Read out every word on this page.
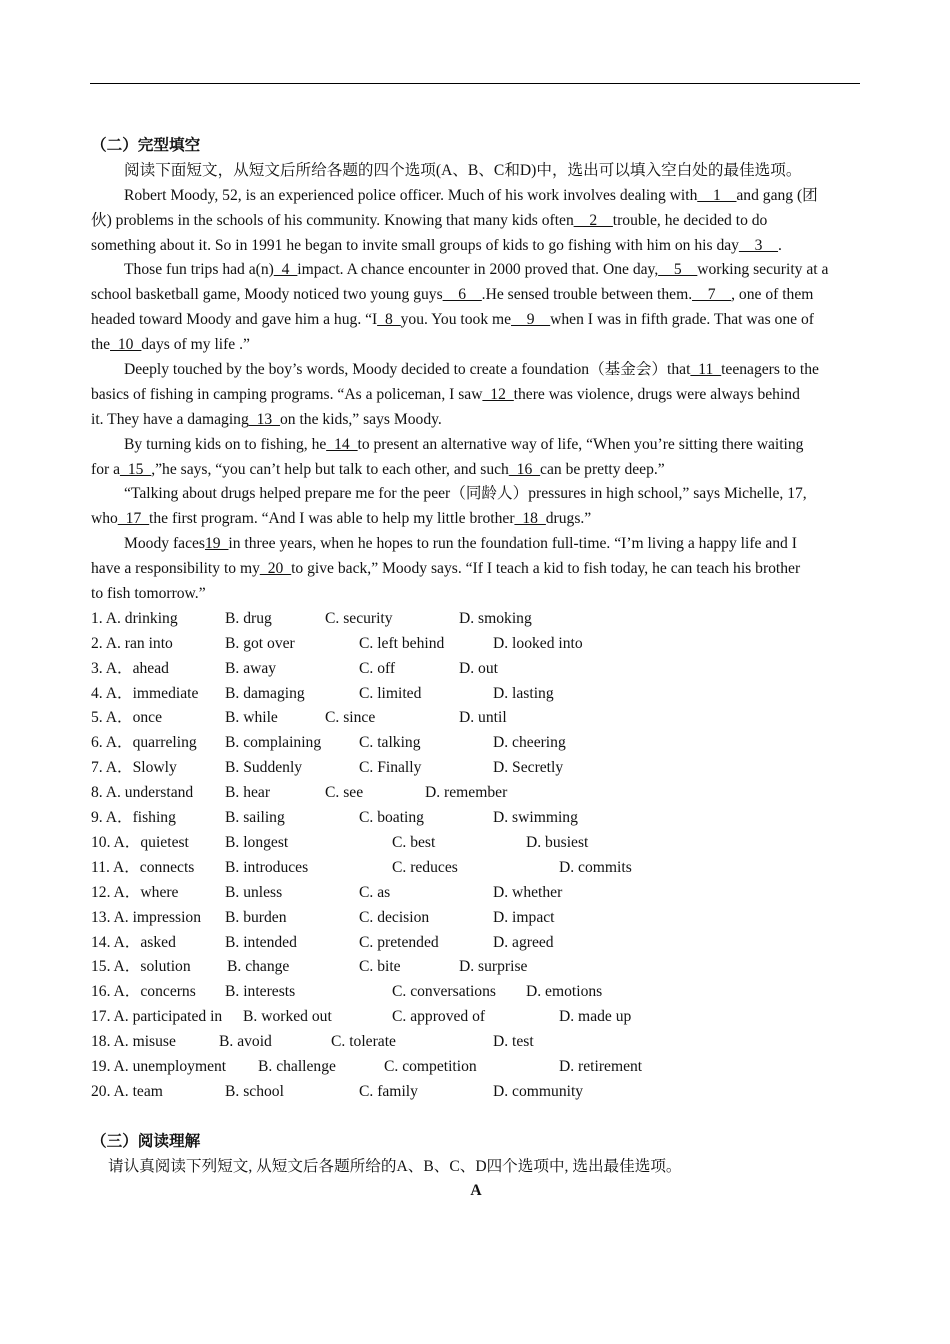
（二）完型填空
阅读下面短文，从短文后所给各题的四个选项(A、B、C和D)中，选出可以填入空白处的最佳选项。
Robert Moody, 52, is an experienced police officer. Much of his work involves dealing with__1__and gang (团
伙) problems in the schools of his community. Knowing that many kids often__2__trouble, he decided to do
something about it. So in 1991 he began to invite small groups of kids to go fishing with him on his day__3__.
Those fun trips had a(n)_4_impact. A chance encounter in 2000 proved that. One day,__5__working security at a
school basketball game, Moody noticed two young guys__6__.He sensed trouble between them.__7__, one of them
headed toward Moody and gave him a hug. “I_8_you. You took me__9__when I was in fifth grade. That was one of
the_10_days of my life .”
Deeply touched by the boy’s words, Moody decided to create a foundation（基金会）that_11_teenagers to the
basics of fishing in camping programs. “As a policeman, I saw_12_there was violence, drugs were always behind
it. They have a damaging_13_on the kids,” says Moody.
By turning kids on to fishing, he_14_to present an alternative way of life, “When you’re sitting there waiting
for a_15_,”he says, “you can’t help but talk to each other, and such_16_can be pretty deep.”
“Talking about drugs helped prepare me for the peer（同龄人）pressures in high school,” says Michelle, 17,
who_17_the first program. “And I was able to help my little brother_18_drugs.”
Moody faces19_in three years, when he hopes to run the foundation full-time. “I’m living a happy life and I
have a responsibility to my_20_to give back,” Moody says. “If I teach a kid to fish today, he can teach his brother
to fish tomorrow.”
1. A. drinking	B. drug	C. security	D. smoking
2. A. ran into	B. got over	C. left behind	D. looked into
3. A．ahead	B. away	C. off	D. out
4. A．immediate B. damaging	C. limited	D. lasting
5. A．once	B. while	C. since	D. until
6. A．quarreling B. complaining C. talking	D. cheering
7. A．Slowly	B. Suddenly	C. Finally	D. Secretly
8. A. understand B. hear	C. see	D. remember
9. A．fishing	B. sailing	C. boating	D. swimming
10. A．quietest B. longest	C. best	D. busiest
11. A．connects B. introduces	C. reduces	D. commits
12. A．where	B. unless	C. as	D. whether
13. A. impression B. burden	C. decision	D. impact
14. A．asked	B. intended	C. pretended	D. agreed
15. A．solution B. change	C. bite	D. surprise
16. A．concerns B. interests	C. conversations D. emotions
17. A. participated in B. worked out	C. approved of	D. made up
18. A. misuse	B. avoid	C. tolerate	D. test
19. A. unemployment B. challenge	C. competition	D. retirement
20. A. team	B. school	C. family	D. community
（三）阅读理解
请认真阅读下列短文, 从短文后各题所给的A、B、C、D四个选项中, 选出最佳选项。
A
